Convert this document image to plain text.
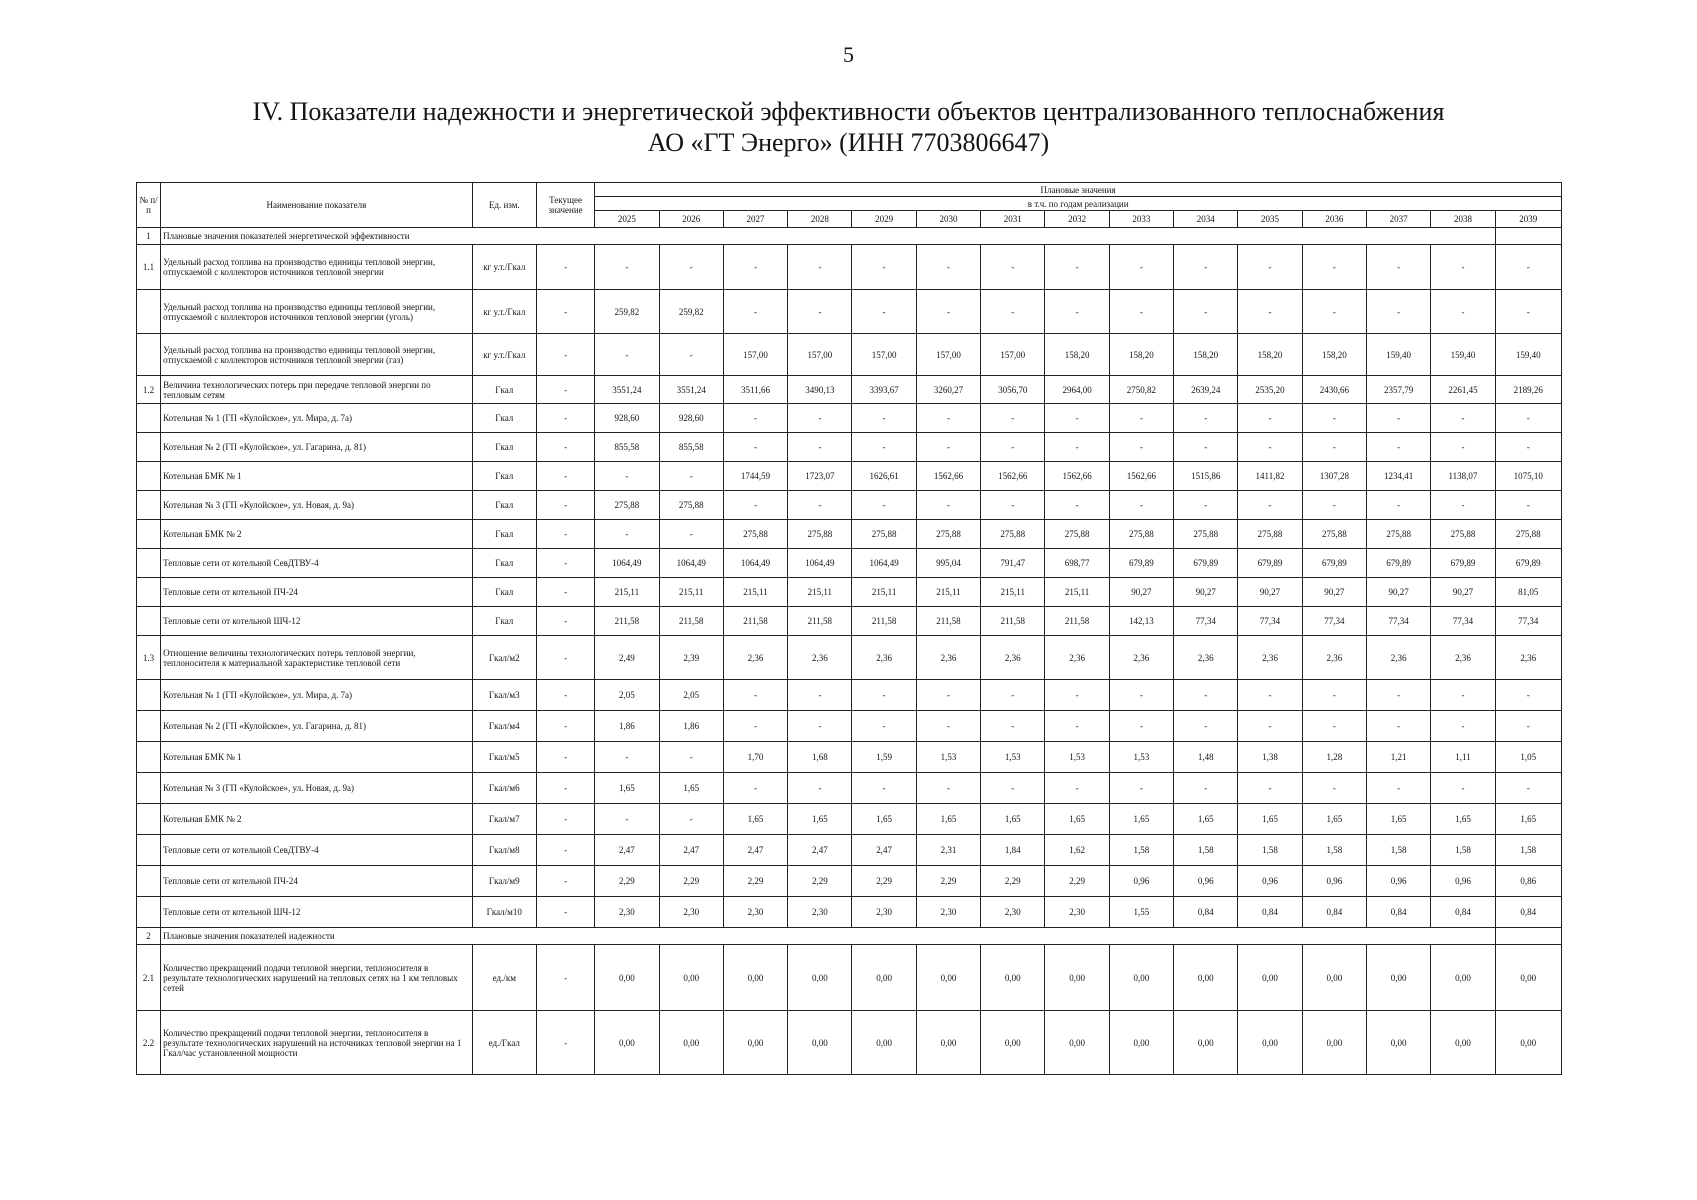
5
IV. Показатели надежности и энергетической эффективности объектов централизованного теплоснабжения
АО «ГТ Энерго» (ИНН 7703806647)
№ п/п	Наименование показателя	Ед. изм.	Текущее значение	Плановые значения														
				в т.ч. по годам реализации														
				2025	2026	2027	2028	2029	2030	2031	2032	2033	2034	2035	2036	2037	2038	2039
1	Плановые значения показателей энергетической эффективности																	
1.1	Удельный расход топлива на производство единицы тепловой энергии, отпускаемой с коллекторов источников тепловой энергии	кг у.т./Гкал	-	-	-	-	-	-	-	-	-	-	-	-	-	-	-	-
	Удельный расход топлива на производство единицы тепловой энергии, отпускаемой с коллекторов источников тепловой энергии (уголь)	кг у.т./Гкал	-	259,82	259,82	-	-	-	-	-	-	-	-	-	-	-	-	-
	Удельный расход топлива на производство единицы тепловой энергии, отпускаемой с коллекторов источников тепловой энергии (газ)	кг у.т./Гкал	-	-	-	157,00	157,00	157,00	157,00	157,00	158,20	158,20	158,20	158,20	158,20	159,40	159,40	159,40
1.2	Величина технологических потерь при передаче тепловой энергии по тепловым сетям	Гкал	-	3551,24	3551,24	3511,66	3490,13	3393,67	3260,27	3056,70	2964,00	2750,82	2639,24	2535,20	2430,66	2357,79	2261,45	2189,26
	Котельная № 1 (ГП «Кулойское», ул. Мира, д. 7а)	Гкал	-	928,60	928,60	-	-	-	-	-	-	-	-	-	-	-	-	-
	Котельная № 2 (ГП «Кулойское», ул. Гагарина, д. 81)	Гкал	-	855,58	855,58	-	-	-	-	-	-	-	-	-	-	-	-	-
	Котельная БМК № 1	Гкал	-	-	-	1744,59	1723,07	1626,61	1562,66	1562,66	1562,66	1562,66	1515,86	1411,82	1307,28	1234,41	1138,07	1075,10
	Котельная № 3 (ГП «Кулойское», ул. Новая, д. 9а)	Гкал	-	275,88	275,88	-	-	-	-	-	-	-	-	-	-	-	-	-
	Котельная БМК № 2	Гкал	-	-	-	275,88	275,88	275,88	275,88	275,88	275,88	275,88	275,88	275,88	275,88	275,88	275,88	275,88
	Тепловые сети от котельной СевДТВУ-4	Гкал	-	1064,49	1064,49	1064,49	1064,49	1064,49	995,04	791,47	698,77	679,89	679,89	679,89	679,89	679,89	679,89	679,89
	Тепловые сети от котельной ПЧ-24	Гкал	-	215,11	215,11	215,11	215,11	215,11	215,11	215,11	215,11	90,27	90,27	90,27	90,27	90,27	90,27	81,05
	Тепловые сети от котельной ШЧ-12	Гкал	-	211,58	211,58	211,58	211,58	211,58	211,58	211,58	211,58	142,13	77,34	77,34	77,34	77,34	77,34	77,34
1.3	Отношение величины технологических потерь тепловой энергии, теплоносителя к материальной характеристике тепловой сети	Гкал/м2	-	2,49	2,39	2,36	2,36	2,36	2,36	2,36	2,36	2,36	2,36	2,36	2,36	2,36	2,36	2,36
	Котельная № 1 (ГП «Кулойское», ул. Мира, д. 7а)	Гкал/м3	-	2,05	2,05	-	-	-	-	-	-	-	-	-	-	-	-	-
	Котельная № 2 (ГП «Кулойское», ул. Гагарина, д. 81)	Гкал/м4	-	1,86	1,86	-	-	-	-	-	-	-	-	-	-	-	-	-
	Котельная БМК № 1	Гкал/м5	-	-	-	1,70	1,68	1,59	1,53	1,53	1,53	1,53	1,48	1,38	1,28	1,21	1,11	1,05
	Котельная № 3 (ГП «Кулойское», ул. Новая, д. 9а)	Гкал/м6	-	1,65	1,65	-	-	-	-	-	-	-	-	-	-	-	-	-
	Котельная БМК № 2	Гкал/м7	-	-	-	1,65	1,65	1,65	1,65	1,65	1,65	1,65	1,65	1,65	1,65	1,65	1,65	1,65
	Тепловые сети от котельной СевДТВУ-4	Гкал/м8	-	2,47	2,47	2,47	2,47	2,47	2,31	1,84	1,62	1,58	1,58	1,58	1,58	1,58	1,58	1,58
	Тепловые сети от котельной ПЧ-24	Гкал/м9	-	2,29	2,29	2,29	2,29	2,29	2,29	2,29	2,29	0,96	0,96	0,96	0,96	0,96	0,96	0,86
	Тепловые сети от котельной ШЧ-12	Гкал/м10	-	2,30	2,30	2,30	2,30	2,30	2,30	2,30	2,30	1,55	0,84	0,84	0,84	0,84	0,84	0,84
2	Плановые значения показателей надежности																	
2.1	Количество прекращений подачи тепловой энергии, теплоносителя в результате технологических нарушений на тепловых сетях на 1 км тепловых сетей	ед./км	-	0,00	0,00	0,00	0,00	0,00	0,00	0,00	0,00	0,00	0,00	0,00	0,00	0,00	0,00	0,00
2.2	Количество прекращений подачи тепловой энергии, теплоносителя в результате технологических нарушений на источниках тепловой энергии на 1 Гкал/час установленной мощности	ед./Гкал	-	0,00	0,00	0,00	0,00	0,00	0,00	0,00	0,00	0,00	0,00	0,00	0,00	0,00	0,00	0,00
